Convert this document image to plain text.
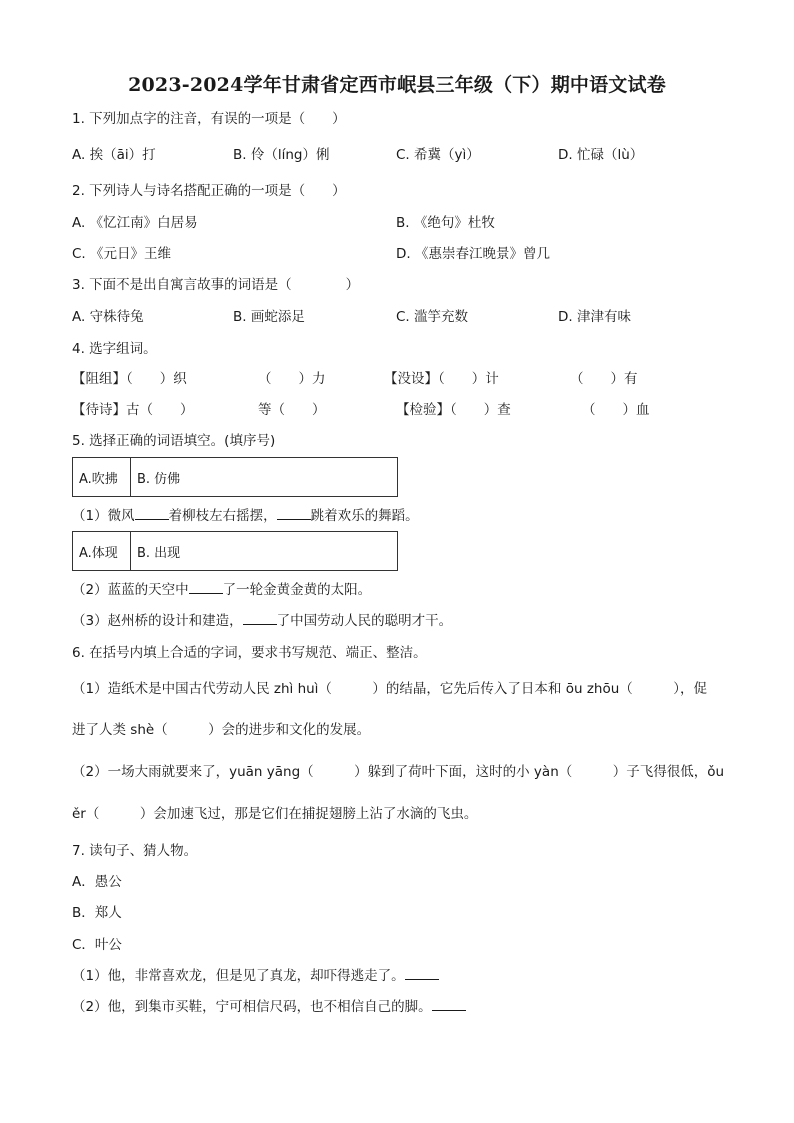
2023-2024学年甘肃省定西市岷县三年级（下）期中语文试卷
1. 下列加点字的注音，有误的一项是（　　）
A. 挨（āi）打	B. 伶（líng）俐	C. 希冀（yì）	D. 忙碌（lù）
2. 下列诗人与诗名搭配正确的一项是（　　）
A. 《忆江南》白居易	B. 《绝句》杜牧
C. 《元日》王维	D. 《惠崇春江晚景》曾几
3. 下面不是出自寓言故事的词语是（　　　　）
A. 守株待兔	B. 画蛇添足	C. 滥竽充数	D. 津津有味
4. 选字组词。
【阻组】（　　）织	（　　）力	【没设】（　　）计	（　　）有
【待诗】古（　　）	等（　　）	【检验】（　　）查	（　　）血
5. 选择正确的词语填空。(填序号)
A.吹拂	B. 仿佛
（1）微风	着柳枝左右摇摆，	跳着欢乐的舞蹈。
A.体现	B. 出现
（2）蓝蓝的天空中	了一轮金黄金黄的太阳。
（3）赵州桥的设计和建造，	了中国劳动人民的聪明才干。
6. 在括号内填上合适的字词，要求书写规范、端正、整洁。
（1）造纸术是中国古代劳动人民 zhì huì（　　　）的结晶，它先后传入了日本和 ōu zhōu（　　　），促
进了人类 shè（　　　）会的进步和文化的发展。
（2）一场大雨就要来了，yuān yāng（　　　）躲到了荷叶下面，这时的小 yàn（　　　）子飞得很低，ǒu
ěr（　　　）会加速飞过，那是它们在捕捉翅膀上沾了水滴的飞虫。
7. 读句子、猜人物。
A．愚公
B．郑人
C．叶公
（1）他，非常喜欢龙，但是见了真龙，却吓得逃走了。
（2）他，到集市买鞋，宁可相信尺码，也不相信自己的脚。
